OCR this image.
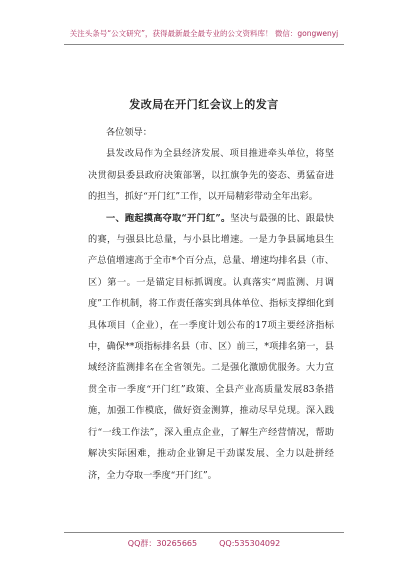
关注头条号“公文研究”，获得最新最全最专业的公文资料库！ 微信：gongwenyj
发改局在开门红会议上的发言

各位领导：

县发改局作为全县经济发展、项目推进牵头单位，将坚决贯彻县委县政府决策部署，以扛旗争先的姿态、勇猛奋进的担当，抓好“开门红”工作，以开局精彩带动全年出彩。

一、跑起摸高夺取“开门红”。坚决与最强的比、跟最快的赛，与强县比总量，与小县比增速。一是力争县属地县生产总值增速高于全市*个百分点，总量、增速均排名县（市、区）第一。一是锚定目标抓调度。认真落实“周监测、月调度”工作机制，将工作责任落实到具体单位、指标支撑细化到具体项目（企业），在一季度计划公布的17项主要经济指标中，确保**项指标排名县（市、区）前三，*项排名第一，县域经济监测排名在全省领先。二是强化激励优服务。大力宣贯全市一季度“开门红”政策、全县产业高质量发展83条措施，加强工作模底，做好资金测算，推动尽早兑现。深入践行“一线工作法”，深入重点企业，了解生产经营情况，帮助解决实际困难，推动企业铆足干劲谋发展、全力以赴拼经济，全力夺取一季度“开门红”。

QQ群：30265665	QQ:535304092
